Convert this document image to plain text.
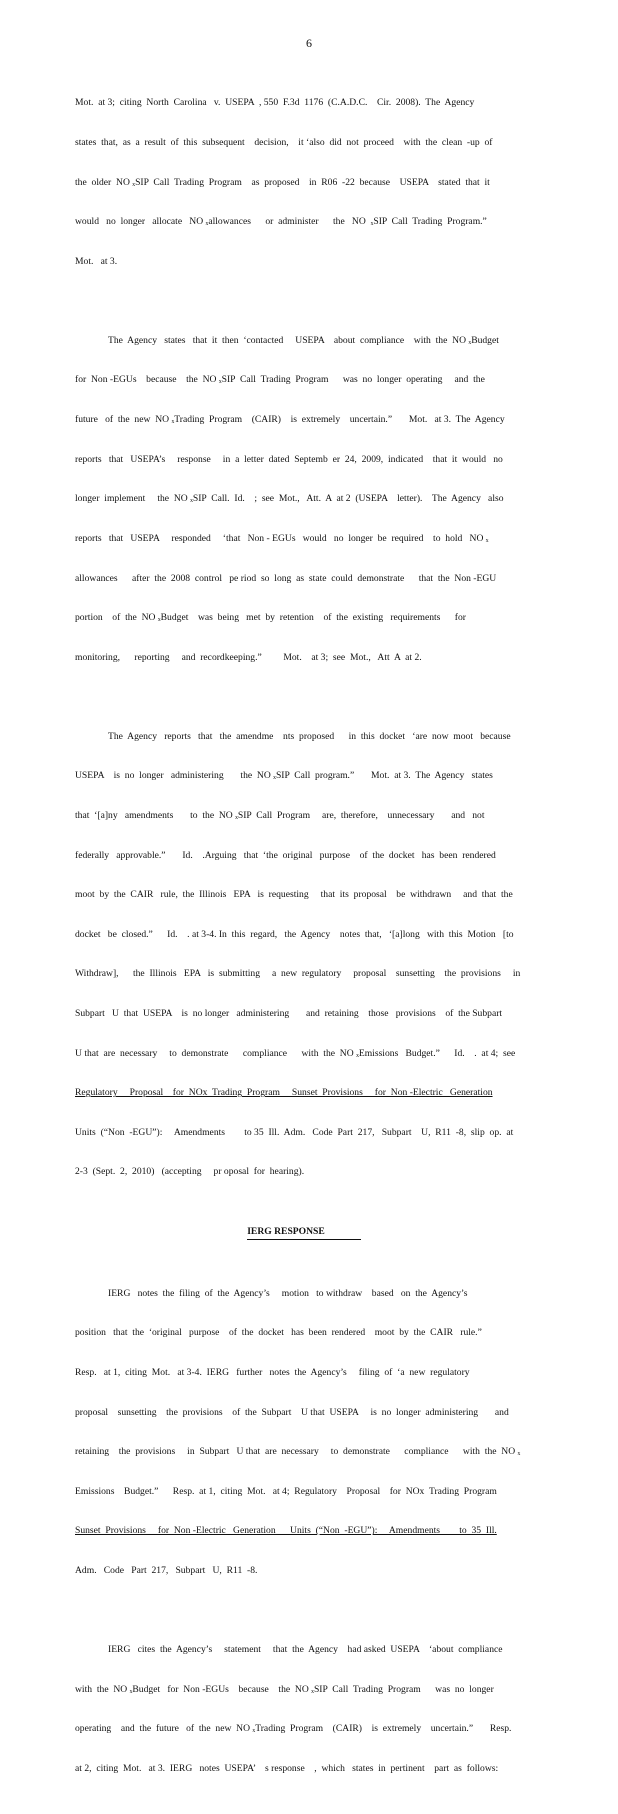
6

Mot.  at 3;  citing  North  Carolina   v.  USEPA  , 550  F.3d  1176  (C.A.D.C.    Cir.  2008).  The  Agency

states  that,  as  a  result  of  this  subsequent    decision,    it ‘also  did  not  proceed    with  the  clean  -up  of

the  older  NO ₓSIP  Call  Trading  Program    as  proposed    in  R06  -22  because    USEPA    stated  that  it

would   no  longer   allocate   NO ₓallowances      or  administer      the   NO  ₓSIP  Call  Trading  Program.”

Mot.   at 3.

The  Agency   states   that  it  then  ‘contacted     USEPA    about  compliance    with  the  NO ₓBudget

for  Non -EGUs    because    the  NO ₓSIP  Call  Trading  Program      was  no  longer  operating     and  the

future   of  the  new  NO ₓTrading  Program    (CAIR)    is  extremely    uncertain.”       Mot.   at 3.  The  Agency

reports   that   USEPA’s     response     in  a  letter  dated  Septemb  er  24,  2009,  indicated    that  it  would   no

longer  implement     the  NO ₓSIP  Call.  Id.    ;  see  Mot.,   Att.  A  at 2  (USEPA    letter).    The  Agency   also

reports   that   USEPA     responded     ‘that   Non - EGUs   would   no  longer  be  required    to  hold   NO ₓ

allowances      after  the  2008  control   pe riod  so  long  as  state  could  demonstrate      that  the  Non -EGU

portion    of  the  NO ₓBudget    was  being   met  by  retention    of  the  existing   requirements      for

monitoring,      reporting     and  recordkeeping.”         Mot.    at 3;  see  Mot.,   Att  A  at 2.

The  Agency   reports   that   the  amendme    nts  proposed      in  this  docket   ‘are  now  moot   because

USEPA    is  no  longer   administering       the  NO ₓSIP  Call  program.”       Mot.  at 3.  The  Agency   states

that  ‘[a]ny   amendments       to  the  NO ₓSIP  Call  Program     are,  therefore,    unnecessary       and   not

federally   approvable.”       Id.    .Arguing   that  ‘the  original   purpose    of  the  docket   has  been  rendered

moot  by  the  CAIR   rule,  the  Illinois   EPA   is  requesting     that  its  proposal    be  withdrawn     and  that  the

docket   be  closed.”      Id.    . at 3-4. In  this  regard,   the  Agency    notes  that,   ‘[a]long   with  this  Motion   [to

Withdraw],      the  Illinois   EPA   is  submitting     a  new  regulatory     proposal    sunsetting    the  provisions     in

Subpart   U  that  USEPA    is  no longer   administering       and  retaining    those   provisions    of  the Subpart

U that  are  necessary     to  demonstrate      compliance      with  the  NO ₓEmissions   Budget.”      Id.    .  at 4;  see

Regulatory     Proposal    for  NOx  Trading  Program     Sunset  Provisions     for  Non -Electric   Generation

Units  (“Non  -EGU”):     Amendments        to 35  Ill.  Adm.   Code  Part  217,   Subpart    U,  R11  -8,  slip  op.  at

2-3  (Sept.  2,  2010)   (accepting     pr oposal  for  hearing).

IERG RESPONSE

IERG   notes  the  filing  of  the  Agency’s     motion   to withdraw    based   on  the  Agency’s

position   that  the  ‘original   purpose    of  the  docket   has  been  rendered    moot  by  the  CAIR   rule.”

Resp.   at 1,  citing  Mot.   at 3-4.  IERG   further   notes  the  Agency’s     filing  of  ‘a  new  regulatory

proposal    sunsetting    the  provisions    of  the  Subpart    U that  USEPA     is  no  longer  administering       and

retaining    the  provisions     in  Subpart   U that  are  necessary     to  demonstrate      compliance      with  the  NO ₓ

Emissions    Budget.”      Resp.  at 1,  citing  Mot.   at 4;  Regulatory    Proposal    for  NOx  Trading  Program

Sunset  Provisions     for  Non -Electric   Generation      Units  (“Non  -EGU”):     Amendments        to  35  Ill.

Adm.   Code   Part  217,   Subpart   U,  R11  -8.

IERG   cites  the  Agency’s     statement     that  the  Agency    had asked  USEPA    ‘about  compliance

with  the  NO ₓBudget   for  Non -EGUs    because    the  NO ₓSIP  Call  Trading  Program      was  no  longer

operating    and  the  future   of  the  new  NO ₓTrading  Program    (CAIR)    is  extremely    uncertain.”       Resp.

at 2,  citing  Mot.   at 3.  IERG   notes  USEPA’    s response    ,  which   states  in  pertinent    part  as  follows:
